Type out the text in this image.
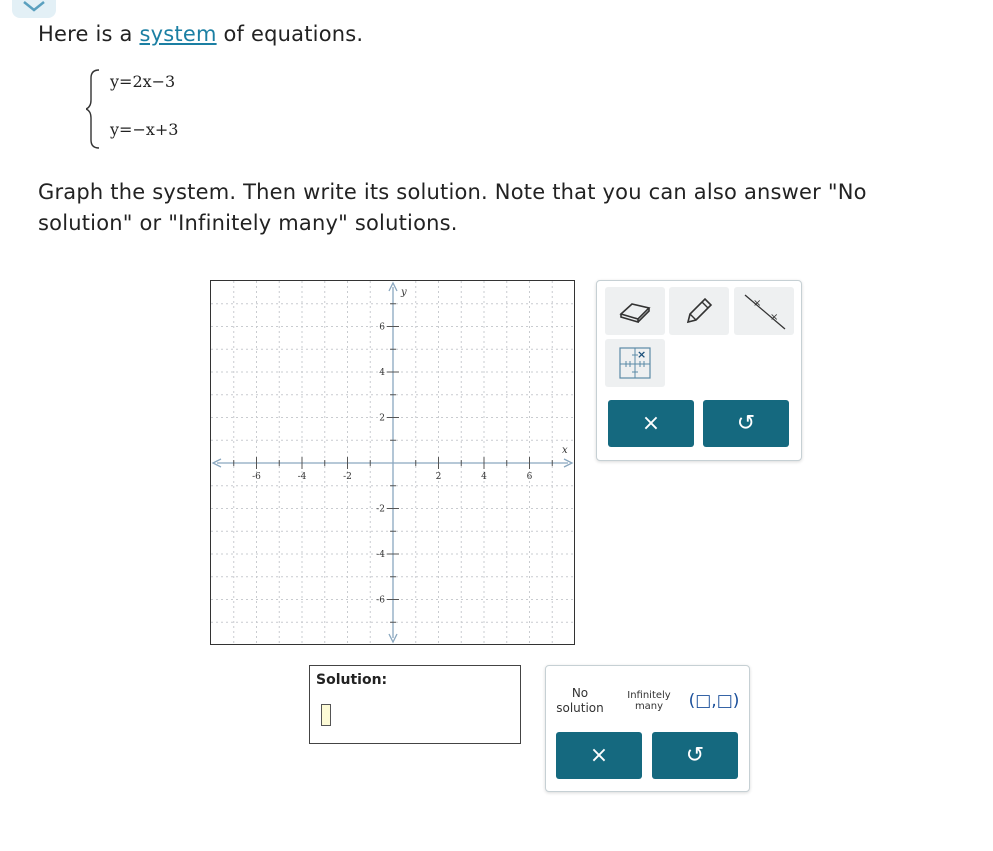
Here is a system of equations.
y=2x−3
y=−x+3
Graph the system. Then write its solution. Note that you can also answer "No solution" or "Infinitely many" solutions.
-6	-4	-2	2	4	6
6
4
2
-2
-4
-6
x
y
×
×
×
×	↺
Solution:
No
solution
Infinitely
many (□,□)
×	↺
